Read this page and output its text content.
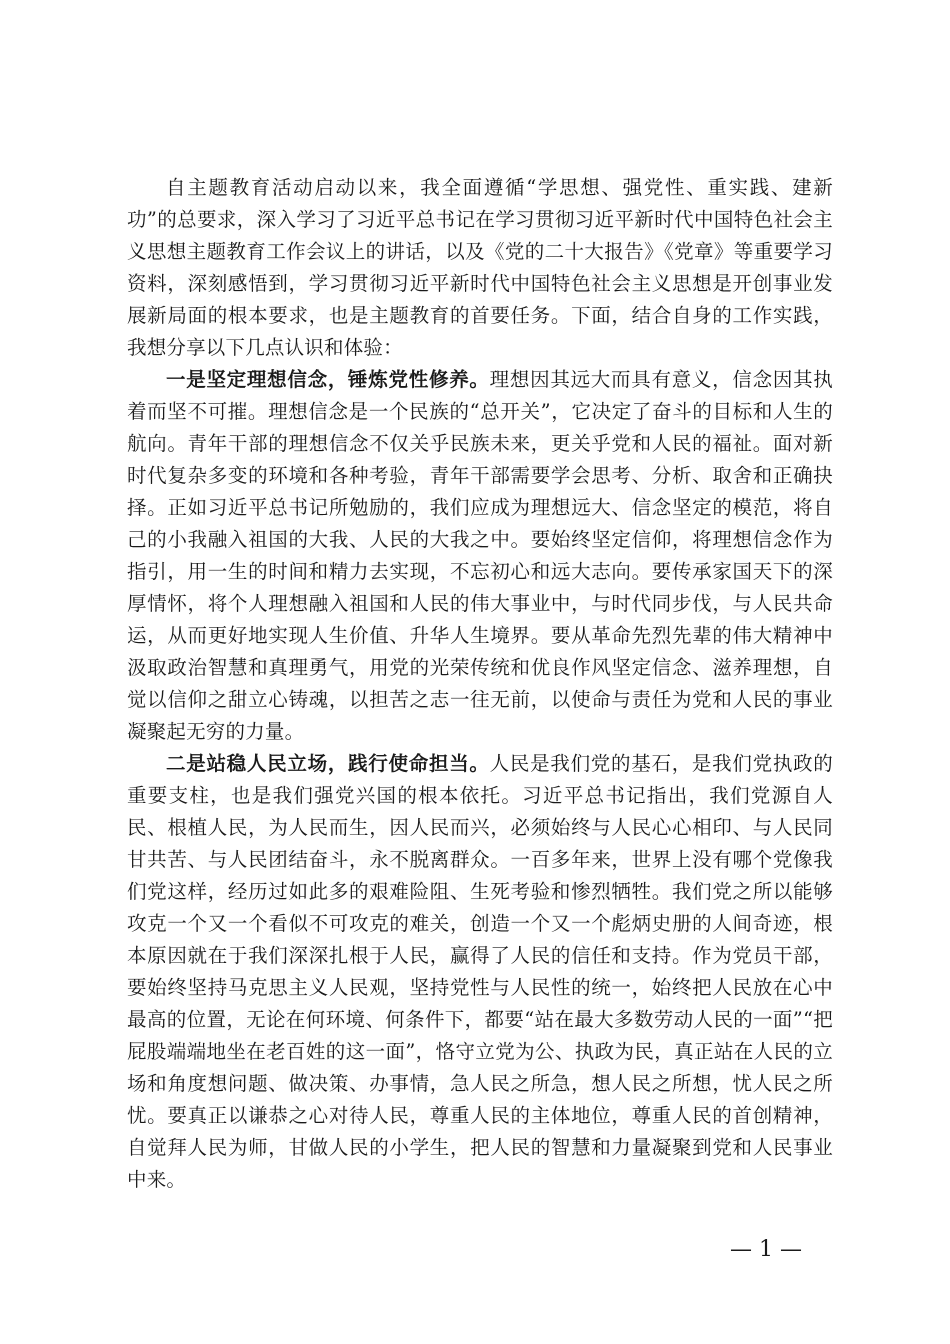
自主题教育活动启动以来，我全面遵循“学思想、强党性、重实践、建新功”的总要求，深入学习了习近平总书记在学习贯彻习近平新时代中国特色社会主义思想主题教育工作会议上的讲话，以及《党的二十大报告》《党章》等重要学习资料，深刻感悟到，学习贯彻习近平新时代中国特色社会主义思想是开创事业发展新局面的根本要求，也是主题教育的首要任务。下面，结合自身的工作实践，我想分享以下几点认识和体验：

一是坚定理想信念，锤炼党性修养。理想因其远大而具有意义，信念因其执着而坚不可摧。理想信念是一个民族的“总开关”，它决定了奋斗的目标和人生的航向。青年干部的理想信念不仅关乎民族未来，更关乎党和人民的福祉。面对新时代复杂多变的环境和各种考验，青年干部需要学会思考、分析、取舍和正确抉择。正如习近平总书记所勉励的，我们应成为理想远大、信念坚定的模范，将自己的小我融入祖国的大我、人民的大我之中。要始终坚定信仰，将理想信念作为指引，用一生的时间和精力去实现，不忘初心和远大志向。要传承家国天下的深厚情怀，将个人理想融入祖国和人民的伟大事业中，与时代同步伐，与人民共命运，从而更好地实现人生价值、升华人生境界。要从革命先烈先辈的伟大精神中汲取政治智慧和真理勇气，用党的光荣传统和优良作风坚定信念、滋养理想，自觉以信仰之甜立心铸魂，以担苦之志一往无前，以使命与责任为党和人民的事业凝聚起无穷的力量。

二是站稳人民立场，践行使命担当。人民是我们党的基石，是我们党执政的重要支柱，也是我们强党兴国的根本依托。习近平总书记指出，我们党源自人民、根植人民，为人民而生，因人民而兴，必须始终与人民心心相印、与人民同甘共苦、与人民团结奋斗，永不脱离群众。一百多年来，世界上没有哪个党像我们党这样，经历过如此多的艰难险阻、生死考验和惨烈牺牲。我们党之所以能够攻克一个又一个看似不可攻克的难关，创造一个又一个彪炳史册的人间奇迹，根本原因就在于我们深深扎根于人民，赢得了人民的信任和支持。作为党员干部，要始终坚持马克思主义人民观，坚持党性与人民性的统一，始终把人民放在心中最高的位置，无论在何环境、何条件下，都要“站在最大多数劳动人民的一面”“把屁股端端地坐在老百姓的这一面”，恪守立党为公、执政为民，真正站在人民的立场和角度想问题、做决策、办事情，急人民之所急，想人民之所想，忧人民之所忧。要真正以谦恭之心对待人民，尊重人民的主体地位，尊重人民的首创精神，自觉拜人民为师，甘做人民的小学生，把人民的智慧和力量凝聚到党和人民事业中来。

— 1 —
